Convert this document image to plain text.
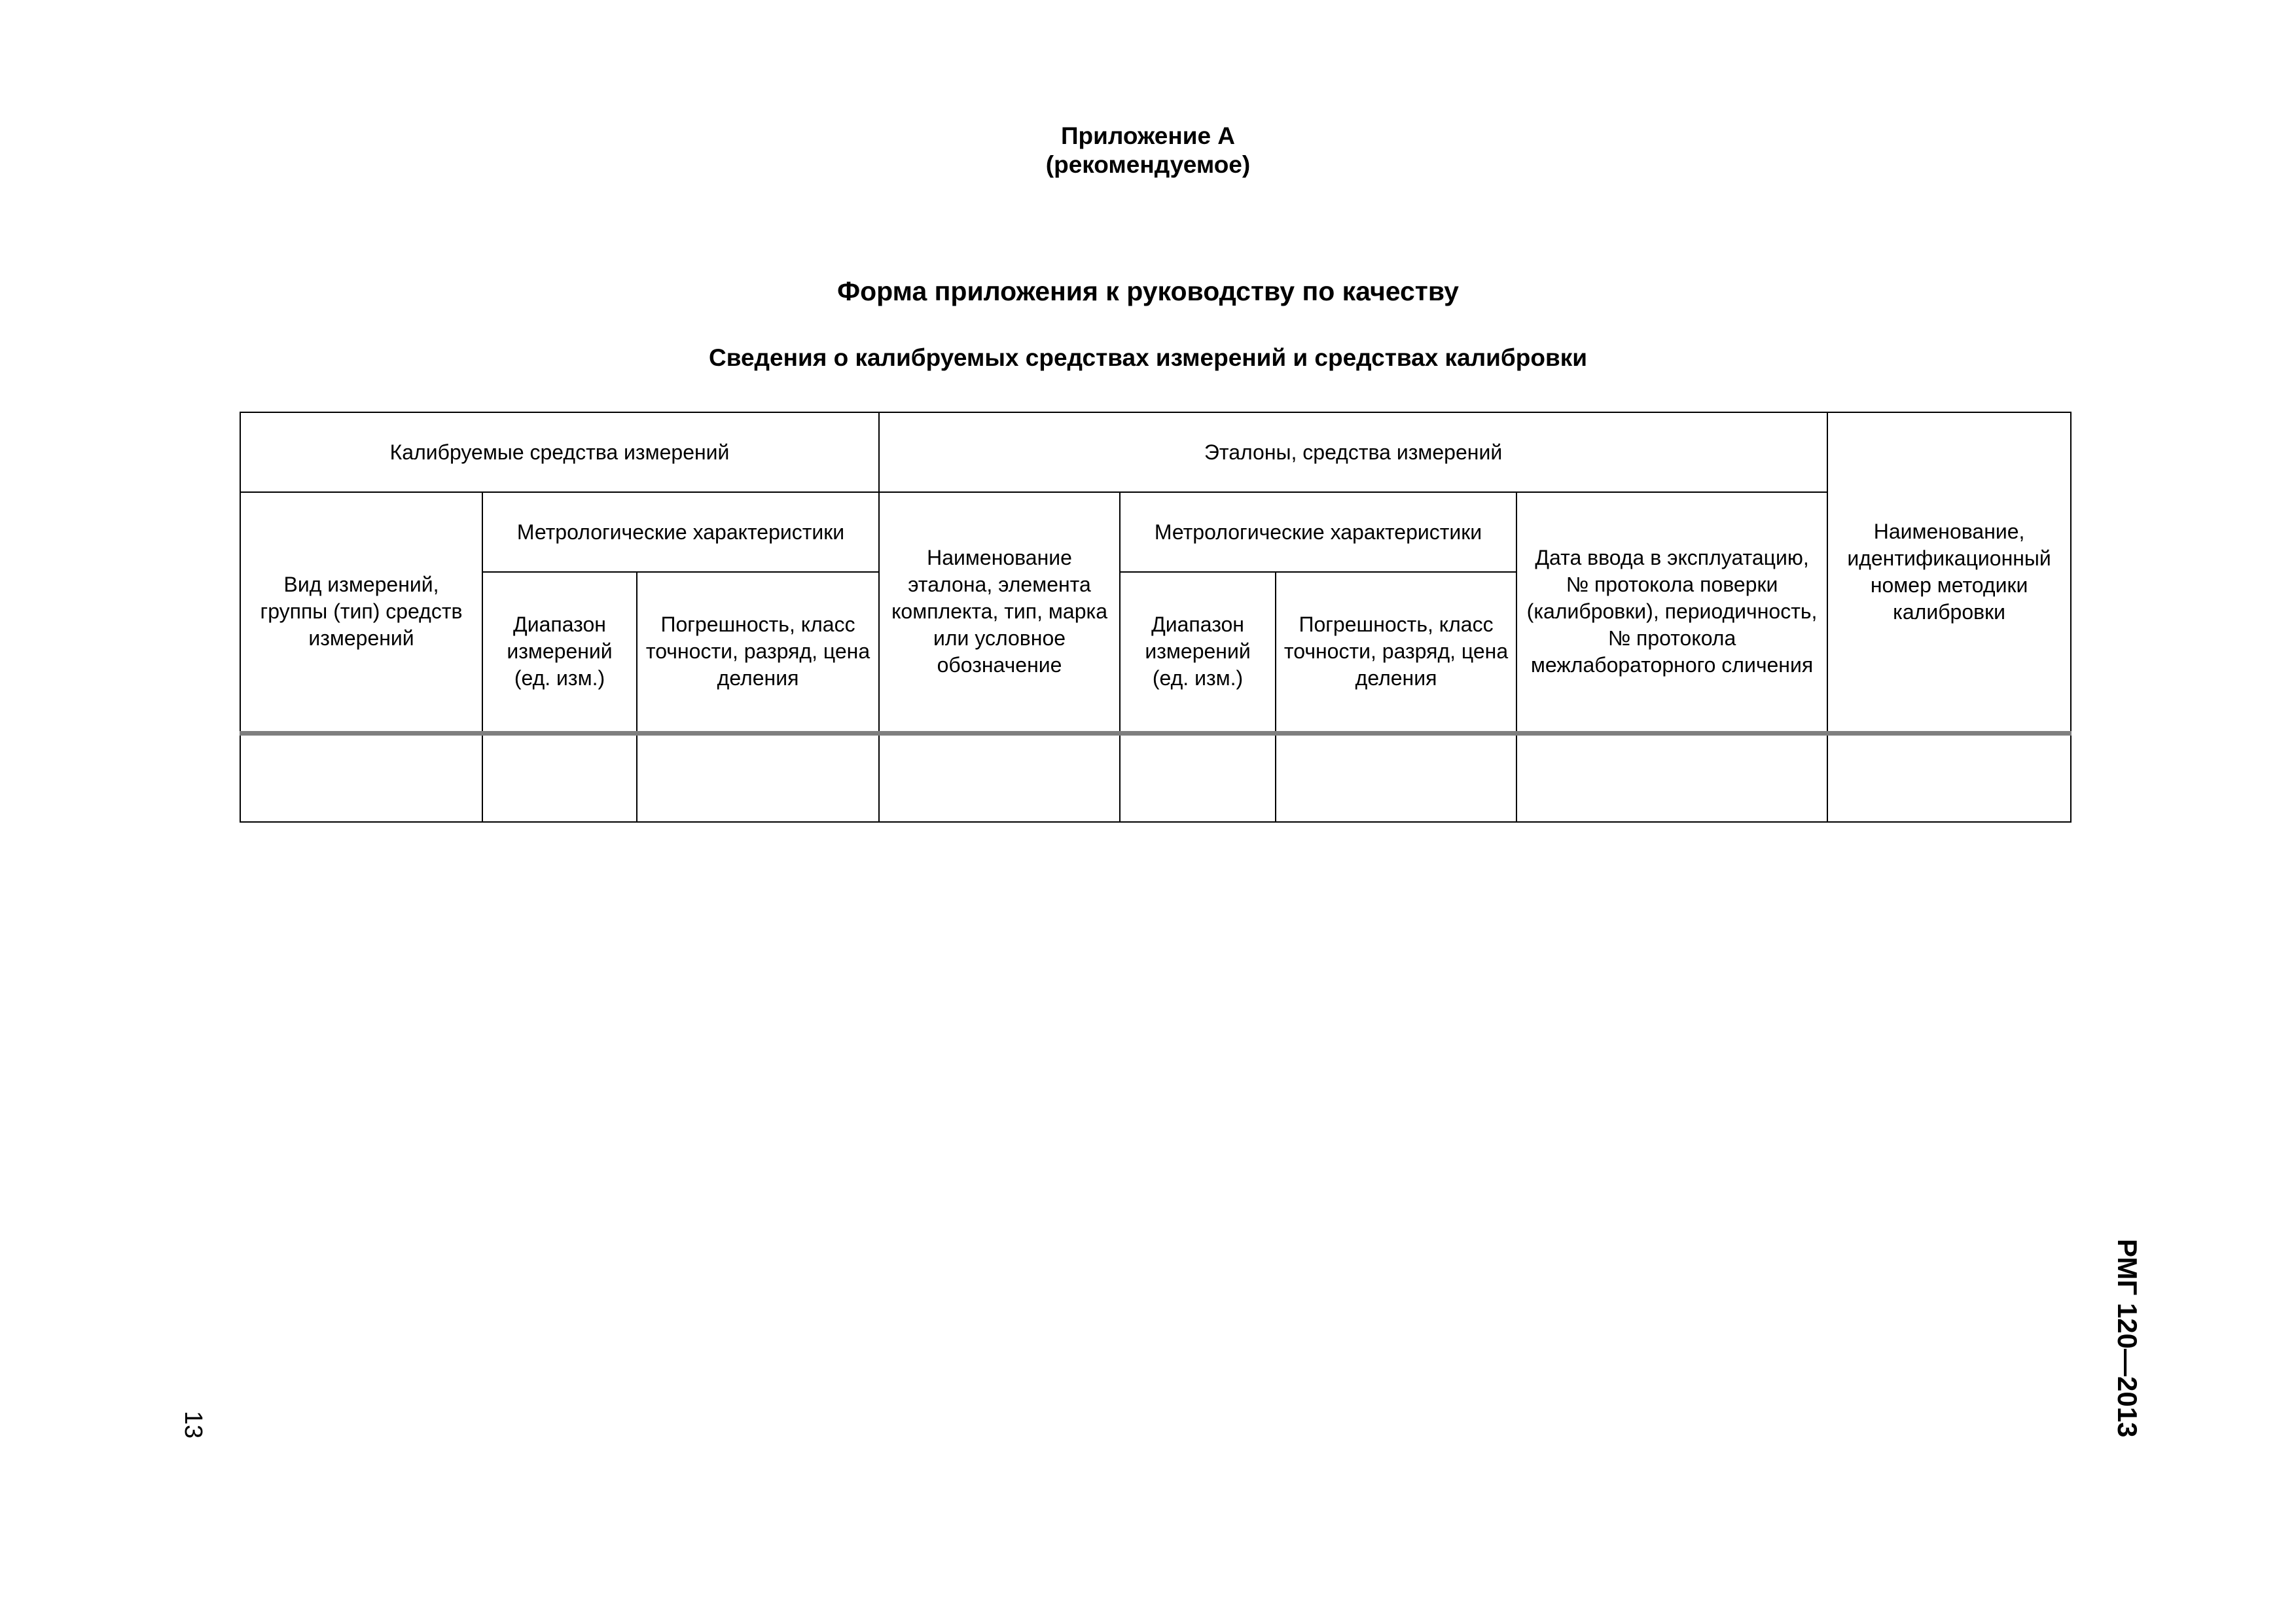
Приложение А
(рекомендуемое)
Форма приложения к руководству по качеству
Сведения о калибруемых средствах измерений и средствах калибровки
Калибруемые средства измерений			Эталоны, средства измерений				Наименование, идентификационный номер методики калибровки
Вид измерений, группы (тип) средств измерений	Метрологические характеристики		Наименование эталона, элемента комплекта, тип, марка или условное обозначение	Метрологические характеристики		Дата ввода в эксплуатацию, № протокола поверки (калибровки), периодичность, № протокола межлабораторного сличения	
	Диапазон измерений (ед. изм.)	Погрешность, класс точности, разряд, цена деления		Диапазон измерений (ед. изм.)	Погрешность, класс точности, разряд, цена деления		

РМГ 120—2013
13
